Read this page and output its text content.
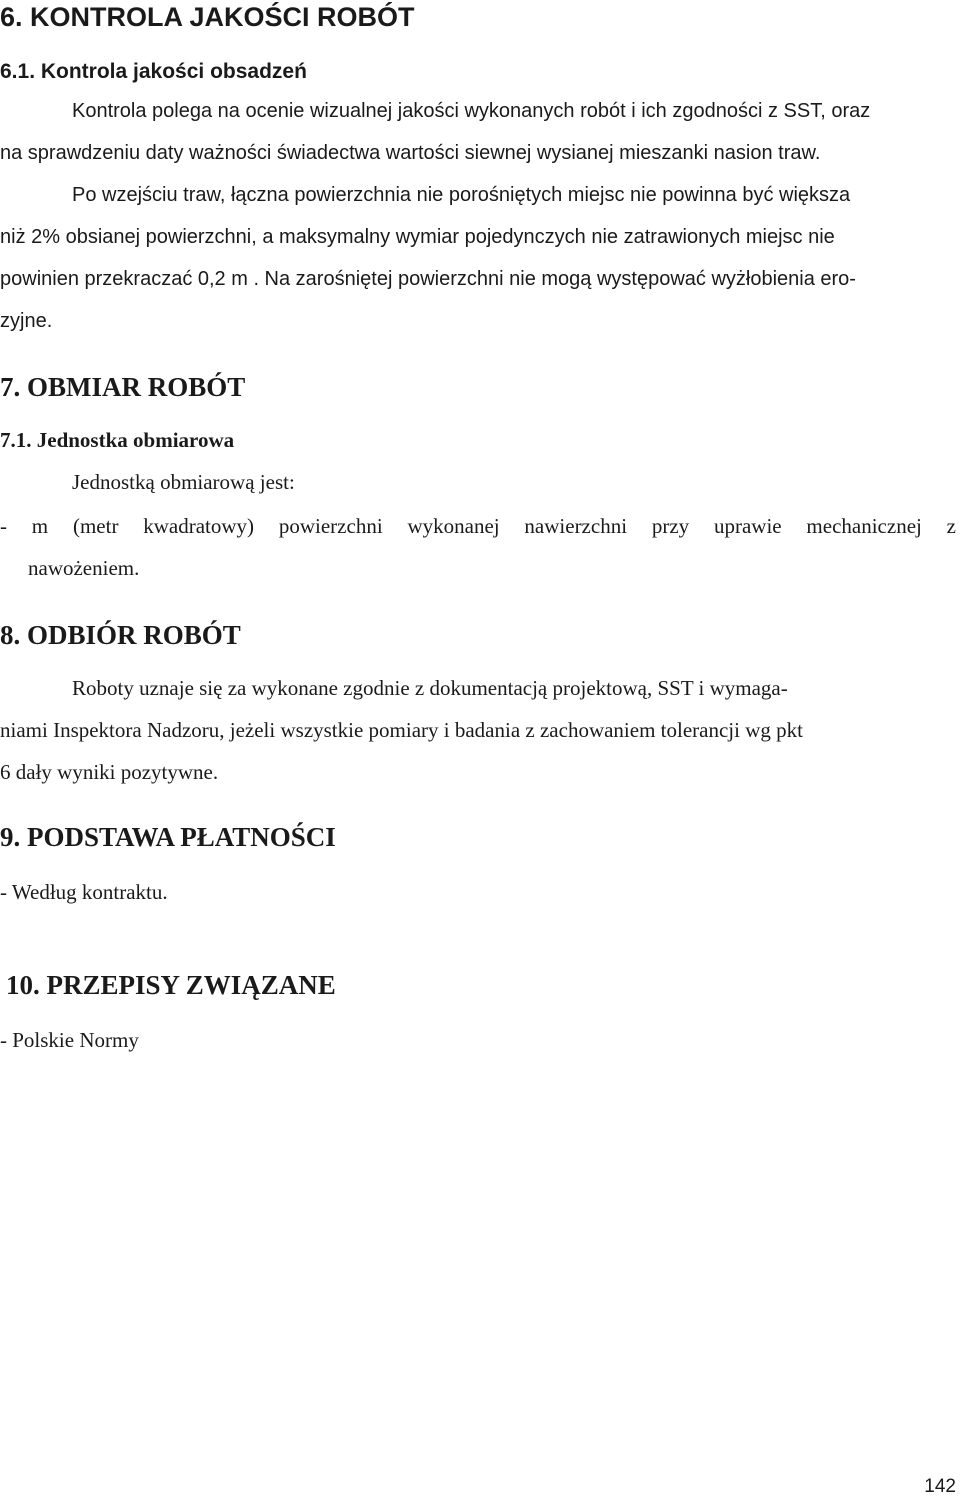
6. KONTROLA JAKOŚCI ROBÓT
6.1. Kontrola jakości obsadzeń
Kontrola polega na ocenie wizualnej jakości wykonanych robót i ich zgodności z SST, oraz
na sprawdzeniu daty ważności świadectwa wartości siewnej wysianej mieszanki nasion traw.
Po wzejściu traw, łączna powierzchnia nie porośniętych miejsc nie powinna być większa
niż 2% obsianej powierzchni, a maksymalny wymiar pojedynczych nie zatrawionych miejsc nie
powinien przekraczać 0,2 m . Na zarośniętej powierzchni nie mogą występować wyżłobienia ero-
zyjne.
7. OBMIAR ROBÓT
7.1. Jednostka obmiarowa
Jednostką obmiarową jest:
- m (metr kwadratowy) powierzchni wykonanej nawierzchni przy uprawie mechanicznej z
nawożeniem.
8. ODBIÓR ROBÓT
Roboty uznaje się za wykonane zgodnie z dokumentacją projektową, SST i wymaga-
niami Inspektora Nadzoru, jeżeli wszystkie pomiary i badania z zachowaniem tolerancji wg pkt
6 dały wyniki pozytywne.
9. PODSTAWA PŁATNOŚCI
- Według kontraktu.
10. PRZEPISY ZWIĄZANE
- Polskie Normy
142
